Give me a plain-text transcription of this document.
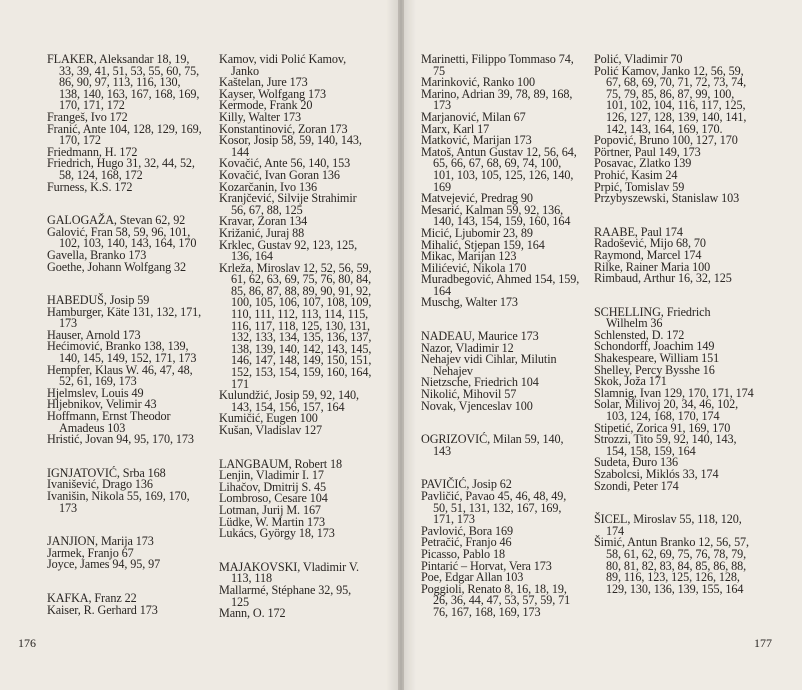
FLAKER, Aleksandar 18, 19, 33, 39, 41, 51, 53, 55, 60, 75, 86, 90, 97, 113, 116, 130, 138, 140, 163, 167, 168, 169, 170, 171, 172

Frangeš, Ivo 172

Franić, Ante 104, 128, 129, 169, 170, 172

Friedmann, H. 172

Friedrich, Hugo 31, 32, 44, 52, 58, 124, 168, 172

Furness, K.S. 172

GALOGAŽA, Stevan 62, 92

Galović, Fran 58, 59, 96, 101, 102, 103, 140, 143, 164, 170

Gavella, Branko 173

Goethe, Johann Wolfgang 32

HABEDUŠ, Josip 59

Hamburger, Käte 131, 132, 171, 173

Hauser, Arnold 173

Hećimović, Branko 138, 139, 140, 145, 149, 152, 171, 173

Hempfer, Klaus W. 46, 47, 48, 52, 61, 169, 173

Hjelmslev, Louis 49

Hljebnikov, Velimir 43

Hoffmann, Ernst Theodor Amadeus 103

Hristić, Jovan 94, 95, 170, 173

IGNJATOVIĆ, Srba 168

Ivanišević, Drago 136

Ivanišin, Nikola 55, 169, 170, 173

JANJION, Marija 173

Jarmek, Franjo 67

Joyce, James 94, 95, 97

KAFKA, Franz 22

Kaiser, R. Gerhard 173

Kamov, vidi Polić Kamov, Janko

Kaštelan, Jure 173

Kayser, Wolfgang 173

Kermode, Frank 20

Killy, Walter 173

Konstantinović, Zoran 173

Kosor, Josip 58, 59, 140, 143, 144

Kovačić, Ante 56, 140, 153

Kovačić, Ivan Goran 136

Kozarčanin, Ivo 136

Kranjčević, Silvije Strahimir 56, 67, 88, 125

Kravar, Zoran 134

Križanić, Juraj 88

Krklec, Gustav 92, 123, 125, 136, 164

Krleža, Miroslav 12, 52, 56, 59, 61, 62, 63, 69, 75, 76, 80, 84, 85, 86, 87, 88, 89, 90, 91, 92, 100, 105, 106, 107, 108, 109, 110, 111, 112, 113, 114, 115, 116, 117, 118, 125, 130, 131, 132, 133, 134, 135, 136, 137, 138, 139, 140, 142, 143, 145, 146, 147, 148, 149, 150, 151, 152, 153, 154, 159, 160, 164, 171

Kulundžić, Josip 59, 92, 140, 143, 154, 156, 157, 164

Kumičić, Eugen 100

Kušan, Vladislav 127

LANGBAUM, Robert 18

Lenjin, Vladimir I. 17

Lihačov, Dmitrij S. 45

Lombroso, Cesare 104

Lotman, Jurij M. 167

Lüdke, W. Martin 173

Lukács, György 18, 173

MAJAKOVSKI, Vladimir V. 113, 118

Mallarmé, Stéphane 32, 95, 125

Mann, O. 172

176

Marinetti, Filippo Tommaso 74, 75

Marinković, Ranko 100

Marino, Adrian 39, 78, 89, 168, 173

Marjanović, Milan 67

Marx, Karl 17

Matković, Marijan 173

Matoš, Antun Gustav 12, 56, 64, 65, 66, 67, 68, 69, 74, 100, 101, 103, 105, 125, 126, 140, 169

Matvejević, Predrag 90

Mesarić, Kalman 59, 92, 136, 140, 143, 154, 159, 160, 164

Micić, Ljubomir 23, 89

Mihalić, Stjepan 159, 164

Mikac, Marijan 123

Milićević, Nikola 170

Muradbegović, Ahmed 154, 159, 164

Muschg, Walter 173

NADEAU, Maurice 173

Nazor, Vladimir 12

Nehajev vidi Cihlar, Milutin Nehajev

Nietzsche, Friedrich 104

Nikolić, Mihovil 57

Novak, Vjenceslav 100

OGRIZOVIĆ, Milan 59, 140, 143

PAVIČIĆ, Josip 62

Pavličić, Pavao 45, 46, 48, 49, 50, 51, 131, 132, 167, 169, 171, 173

Pavlović, Bora 169

Petračić, Franjo 46

Picasso, Pablo 18

Pintarić – Horvat, Vera 173

Poe, Edgar Allan 103

Poggioli, Renato 8, 16, 18, 19, 26, 36, 44, 47, 53, 57, 59, 71 76, 167, 168, 169, 173

Polić, Vladimir 70

Polić Kamov, Janko 12, 56, 59, 67, 68, 69, 70, 71, 72, 73, 74, 75, 79, 85, 86, 87, 99, 100, 101, 102, 104, 116, 117, 125, 126, 127, 128, 139, 140, 141, 142, 143, 164, 169, 170.

Popović, Bruno 100, 127, 170

Pörtner, Paul 149, 173

Posavac, Zlatko 139

Prohić, Kasim 24

Prpić, Tomislav 59

Przybyszewski, Stanislaw 103

RAABE, Paul 174

Radošević, Mijo 68, 70

Raymond, Marcel 174

Rilke, Rainer Maria 100

Rimbaud, Arthur 16, 32, 125

SCHELLING, Friedrich Wilhelm 36

Schlensted, D. 172

Schondorff, Joachim 149

Shakespeare, William 151

Shelley, Percy Bysshe 16

Skok, Joža 171

Slamnig, Ivan 129, 170, 171, 174

Solar, Milivoj 20, 34, 46, 102, 103, 124, 168, 170, 174

Stipetić, Zorica 91, 169, 170

Strozzi, Tito 59, 92, 140, 143, 154, 158, 159, 164

Sudeta, Đuro 136

Szabolcsi, Miklós 33, 174

Szondi, Peter 174

ŠICEL, Miroslav 55, 118, 120, 174

Šimić, Antun Branko 12, 56, 57, 58, 61, 62, 69, 75, 76, 78, 79, 80, 81, 82, 83, 84, 85, 86, 88, 89, 116, 123, 125, 126, 128, 129, 130, 136, 139, 155, 164

177
